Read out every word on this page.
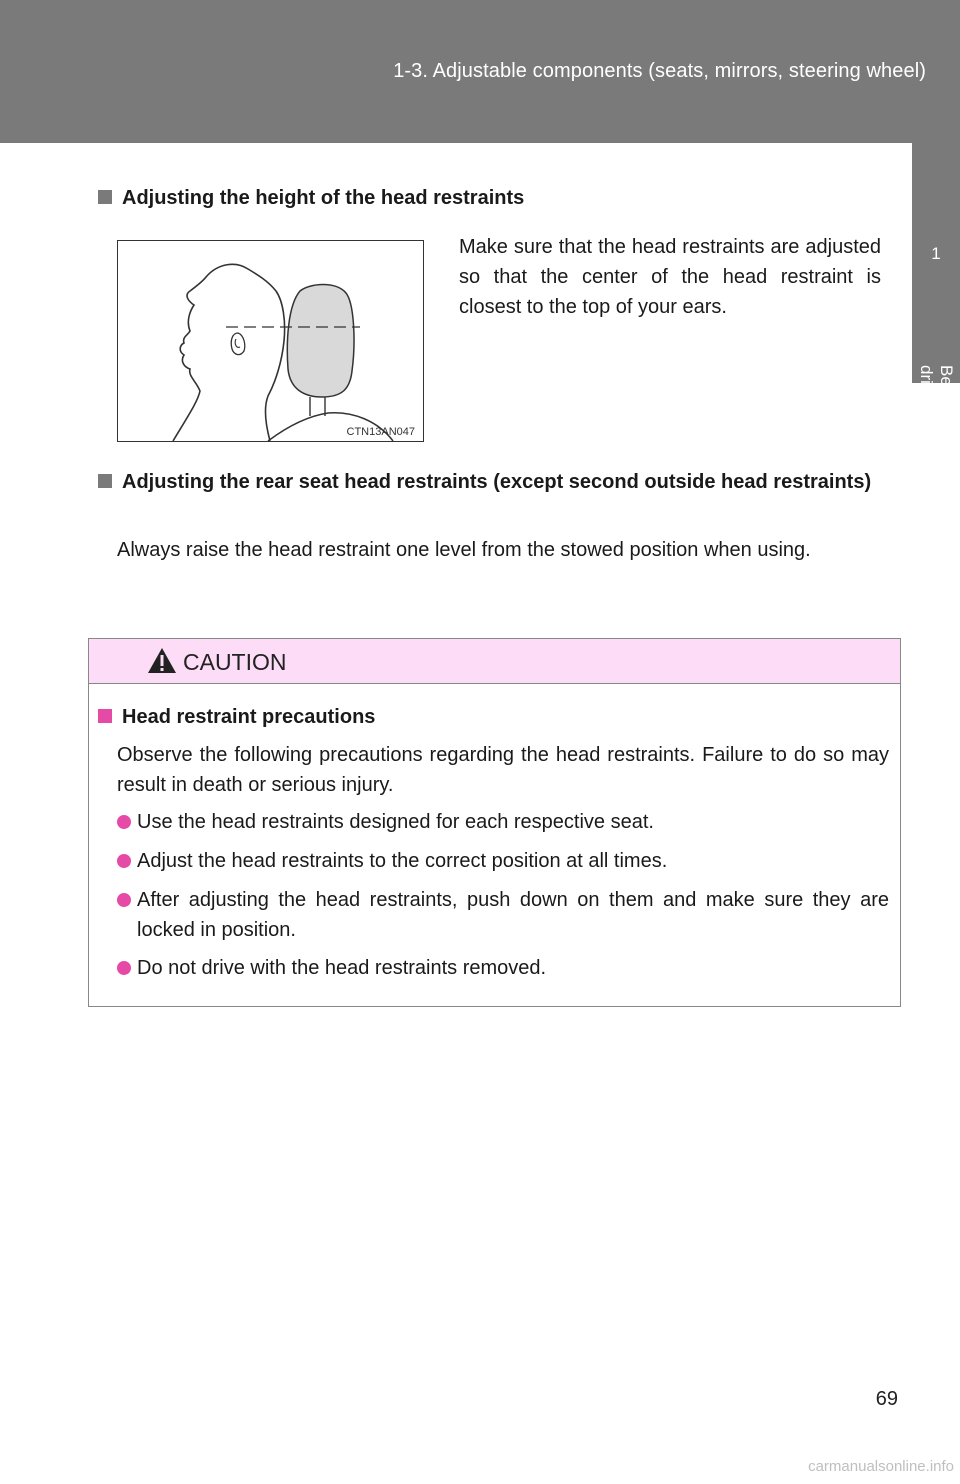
1-3. Adjustable components (seats, mirrors, steering wheel)
1
Before driving
Adjusting the height of the head restraints
CTN13AN047
Make sure that the head restraints are adjusted so that the center of the head restraint is closest to the top of your ears.
Adjusting the rear seat head restraints (except second outside head restraints)
Always raise the head restraint one level from the stowed position when using.
CAUTION
Head restraint precautions
Observe the following precautions regarding the head restraints. Failure to do so may result in death or serious injury.
Use the head restraints designed for each respective seat.
Adjust the head restraints to the correct position at all times.
After adjusting the head restraints, push down on them and make sure they are locked in position.
Do not drive with the head restraints removed.
69
carmanualsonline.info
